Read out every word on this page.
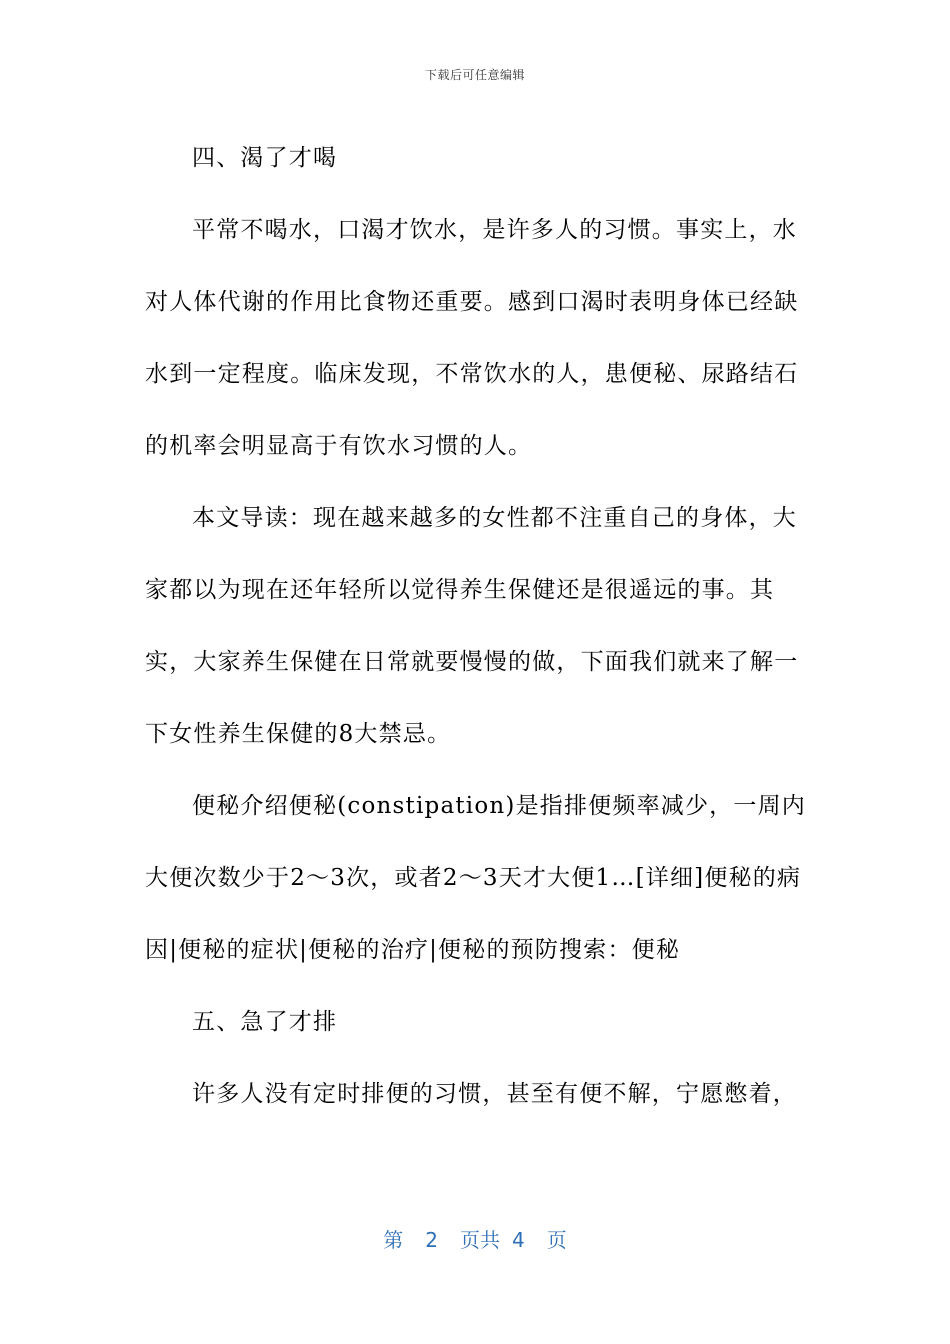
下载后可任意编辑

四、渴了才喝

平常不喝水，口渴才饮水，是许多人的习惯。事实上，水对人体代谢的作用比食物还重要。感到口渴时表明身体已经缺水到一定程度。临床发现，不常饮水的人，患便秘、尿路结石的机率会明显高于有饮水习惯的人。

本文导读：现在越来越多的女性都不注重自己的身体，大家都以为现在还年轻所以觉得养生保健还是很遥远的事。其实，大家养生保健在日常就要慢慢的做，下面我们就来了解一下女性养生保健的8大禁忌。

便秘介绍便秘(constipation)是指排便频率减少，一周内大便次数少于2～3次，或者2～3天才大便1…[详细]便秘的病因|便秘的症状|便秘的治疗|便秘的预防搜索：便秘

五、急了才排

许多人没有定时排便的习惯，甚至有便不解，宁愿憋着，

第 2 页共 4 页
